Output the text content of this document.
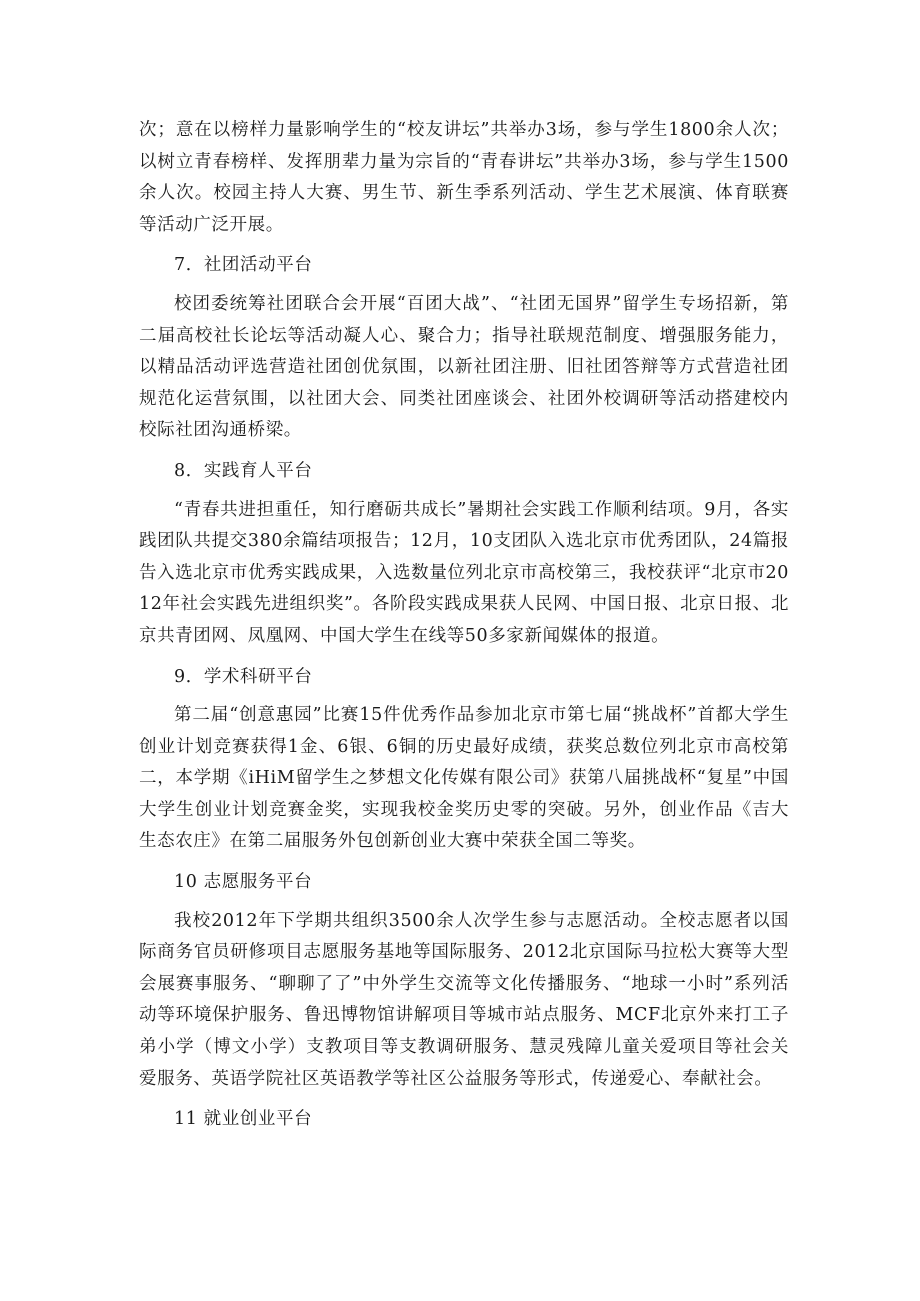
次；意在以榜样力量影响学生的“校友讲坛”共举办3场，参与学生1800余人次；以树立青春榜样、发挥朋辈力量为宗旨的“青春讲坛”共举办3场，参与学生1500余人次。校园主持人大赛、男生节、新生季系列活动、学生艺术展演、体育联赛等活动广泛开展。

7．社团活动平台

校团委统筹社团联合会开展“百团大战”、“社团无国界”留学生专场招新，第二届高校社长论坛等活动凝人心、聚合力；指导社联规范制度、增强服务能力，以精品活动评选营造社团创优氛围，以新社团注册、旧社团答辩等方式营造社团规范化运营氛围，以社团大会、同类社团座谈会、社团外校调研等活动搭建校内校际社团沟通桥梁。

8．实践育人平台

“青春共进担重任，知行磨砺共成长”暑期社会实践工作顺利结项。9月，各实践团队共提交380余篇结项报告；12月，10支团队入选北京市优秀团队，24篇报告入选北京市优秀实践成果，入选数量位列北京市高校第三，我校获评“北京市2012年社会实践先进组织奖”。各阶段实践成果获人民网、中国日报、北京日报、北京共青团网、凤凰网、中国大学生在线等50多家新闻媒体的报道。

9．学术科研平台

第二届“创意惠园”比赛15件优秀作品参加北京市第七届“挑战杯”首都大学生创业计划竞赛获得1金、6银、6铜的历史最好成绩，获奖总数位列北京市高校第二，本学期《iHiM留学生之梦想文化传媒有限公司》获第八届挑战杯“复星”中国大学生创业计划竞赛金奖，实现我校金奖历史零的突破。另外，创业作品《吉大生态农庄》在第二届服务外包创新创业大赛中荣获全国二等奖。

10 志愿服务平台

我校2012年下学期共组织3500余人次学生参与志愿活动。全校志愿者以国际商务官员研修项目志愿服务基地等国际服务、2012北京国际马拉松大赛等大型会展赛事服务、“聊聊了了”中外学生交流等文化传播服务、“地球一小时”系列活动等环境保护服务、鲁迅博物馆讲解项目等城市站点服务、MCF北京外来打工子弟小学（博文小学）支教项目等支教调研服务、慧灵残障儿童关爱项目等社会关爱服务、英语学院社区英语教学等社区公益服务等形式，传递爱心、奉献社会。

11 就业创业平台
